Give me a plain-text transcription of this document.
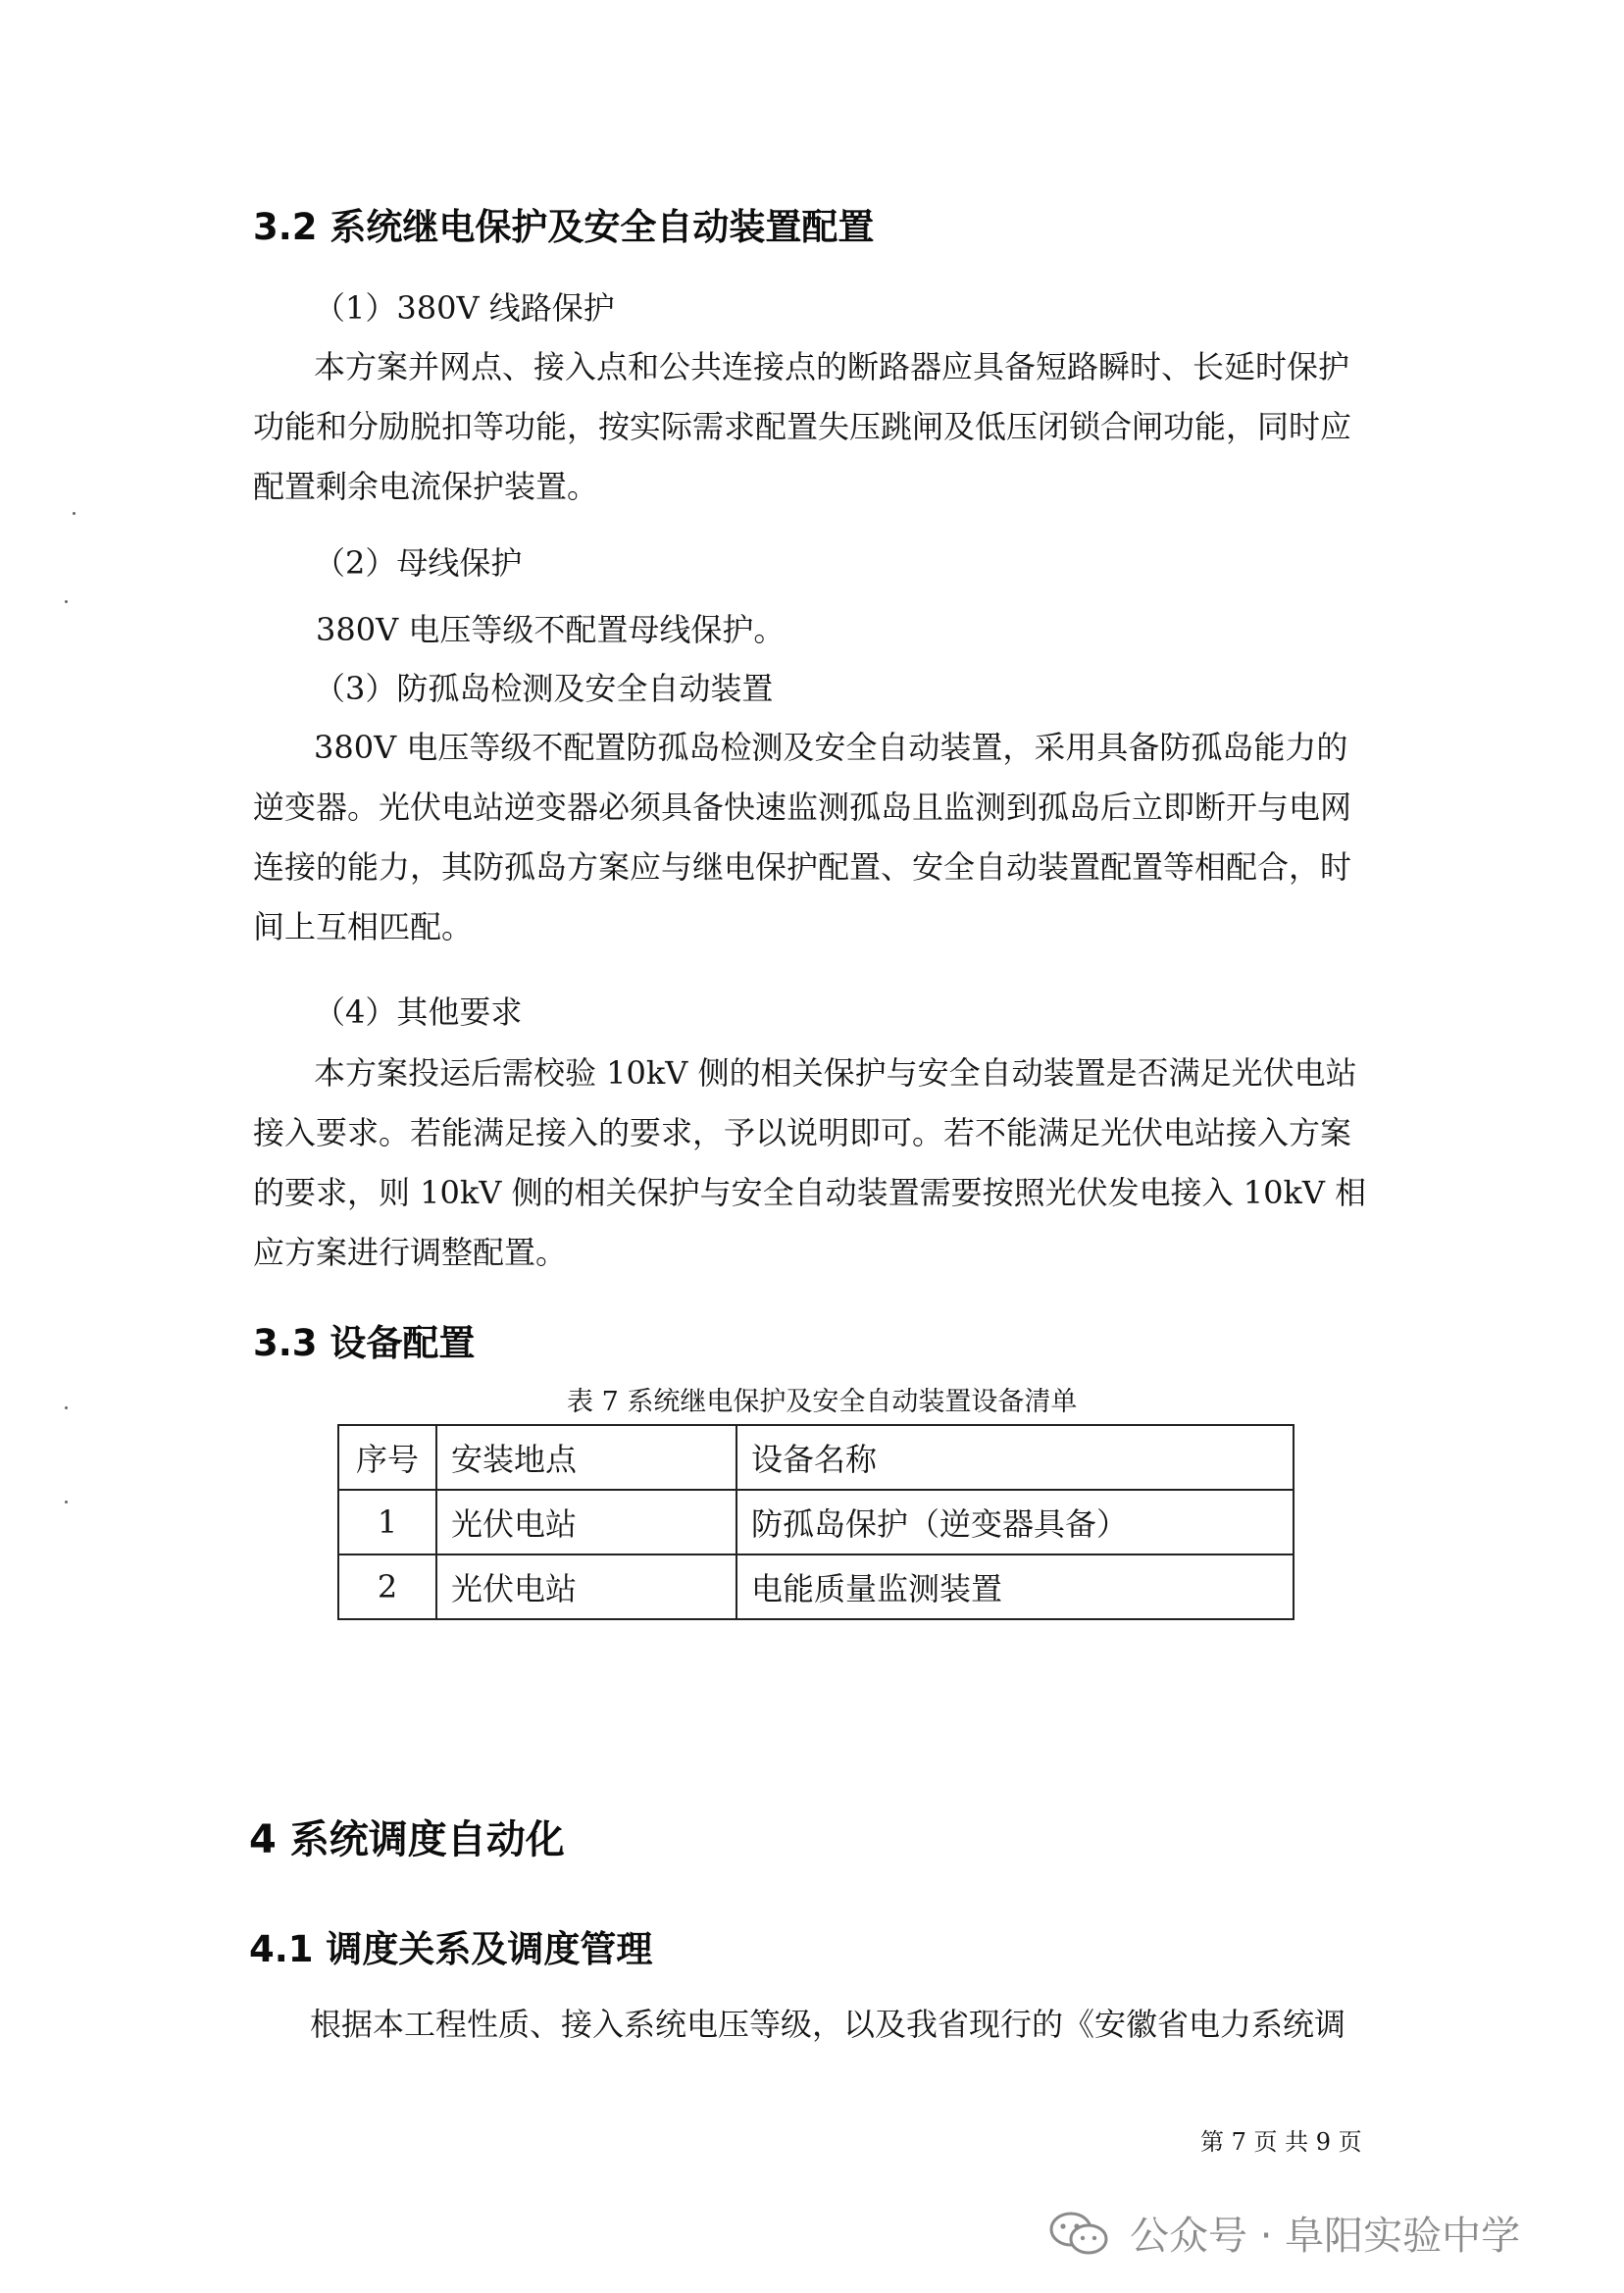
3.2 系统继电保护及安全自动装置配置
（1）380V 线路保护
本方案并网点、接入点和公共连接点的断路器应具备短路瞬时、长延时保护
功能和分励脱扣等功能，按实际需求配置失压跳闸及低压闭锁合闸功能，同时应
配置剩余电流保护装置。
（2）母线保护
380V 电压等级不配置母线保护。
（3）防孤岛检测及安全自动装置
380V 电压等级不配置防孤岛检测及安全自动装置，采用具备防孤岛能力的
逆变器。光伏电站逆变器必须具备快速监测孤岛且监测到孤岛后立即断开与电网
连接的能力，其防孤岛方案应与继电保护配置、安全自动装置配置等相配合，时
间上互相匹配。
（4）其他要求
本方案投运后需校验 10kV 侧的相关保护与安全自动装置是否满足光伏电站
接入要求。若能满足接入的要求，予以说明即可。若不能满足光伏电站接入方案
的要求，则 10kV 侧的相关保护与安全自动装置需要按照光伏发电接入 10kV 相
应方案进行调整配置。
3.3 设备配置
表 7 系统继电保护及安全自动装置设备清单
序号	安装地点	设备名称
1	光伏电站	防孤岛保护（逆变器具备）
2	光伏电站	电能质量监测装置
4 系统调度自动化
4.1 调度关系及调度管理
根据本工程性质、接入系统电压等级，以及我省现行的《安徽省电力系统调
第 7 页 共 9 页
公众号 · 阜阳实验中学
